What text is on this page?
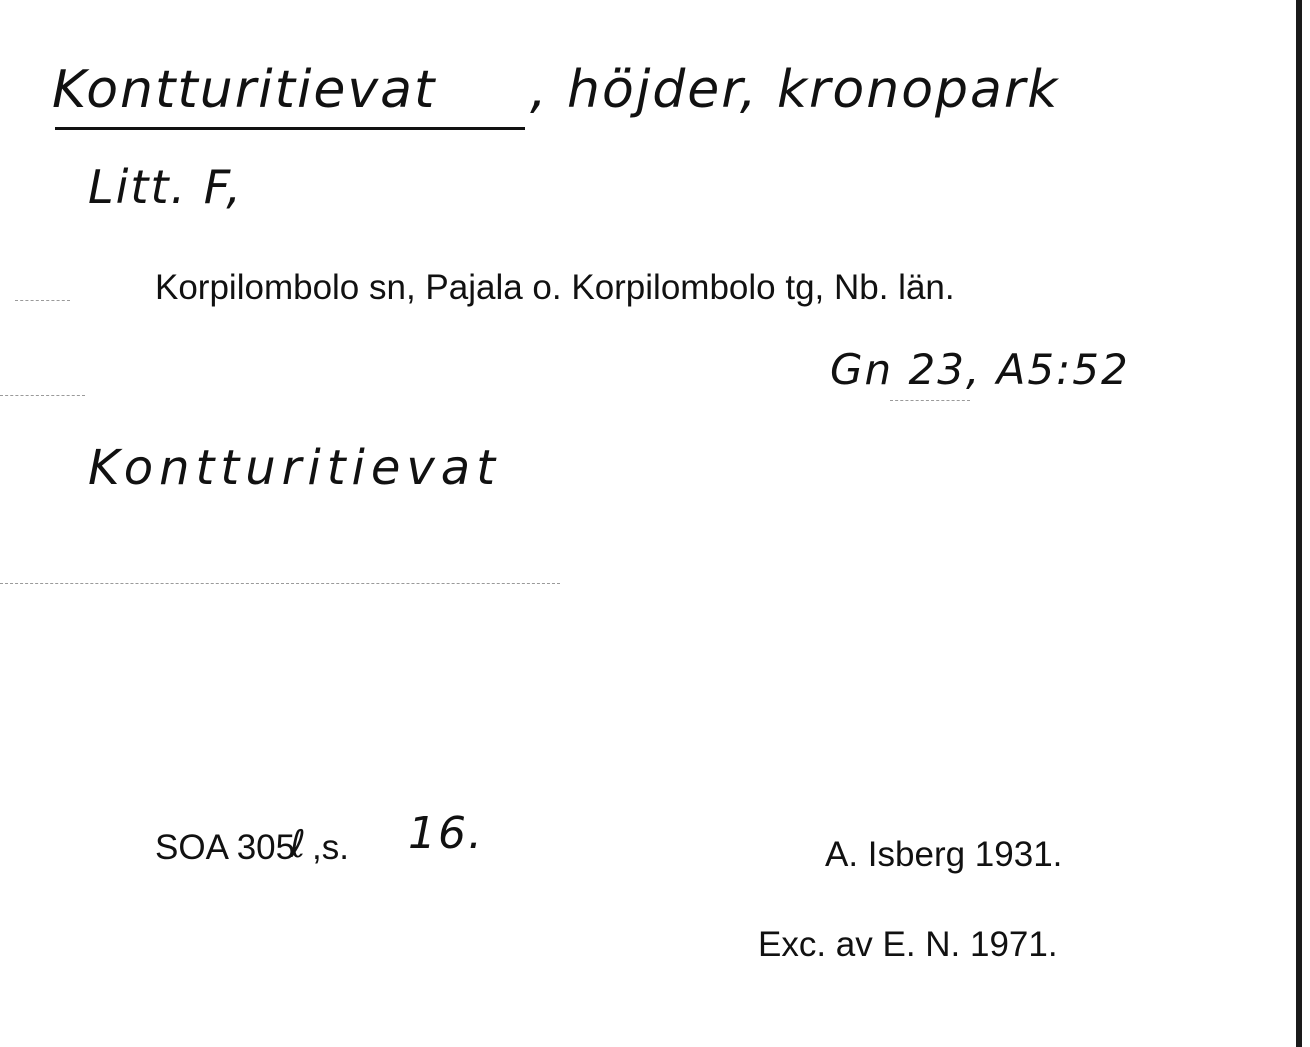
Kontturitievat , höjder, kronopark
Litt. F,
Korpilombolo sn, Pajala o. Korpilombolo tg, Nb. län.
Gn 23, A5:52
Kontturitievat
SOA 305
ℓ ,s. 16.	A. Isberg 1931.
Exc. av E. N. 1971.
